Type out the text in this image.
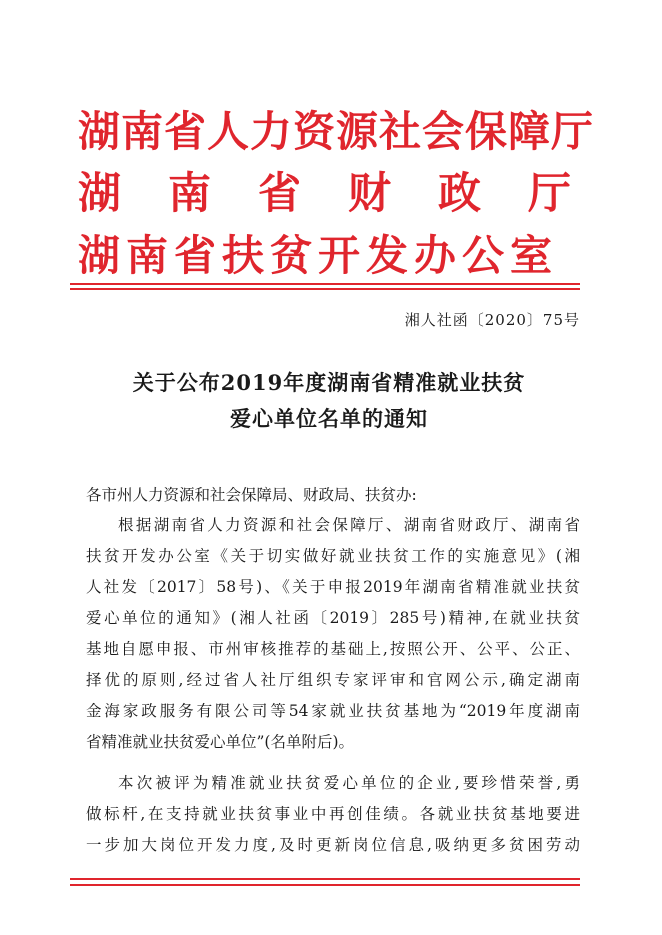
湖南省人力资源社会保障厅
湖南省财政厅
湖南省扶贫开发办公室
湘人社函〔2020〕75号
关于公布2019年度湖南省精准就业扶贫
爱心单位名单的通知
各市州人力资源和社会保障局、财政局、扶贫办:
根据湖南省人力资源和社会保障厅、湖南省财政厅、湖南省
扶贫开发办公室《关于切实做好就业扶贫工作的实施意见》(湘
人社发〔2017〕58号)、《关于申报2019年湖南省精准就业扶贫
爱心单位的通知》(湘人社函〔2019〕285号)精神,在就业扶贫
基地自愿申报、市州审核推荐的基础上,按照公开、公平、公正、
择优的原则,经过省人社厅组织专家评审和官网公示,确定湖南
金海家政服务有限公司等54家就业扶贫基地为“2019年度湖南
省精准就业扶贫爱心单位”(名单附后)。
本次被评为精准就业扶贫爱心单位的企业,要珍惜荣誉,勇
做标杆,在支持就业扶贫事业中再创佳绩。各就业扶贫基地要进
一步加大岗位开发力度,及时更新岗位信息,吸纳更多贫困劳动
